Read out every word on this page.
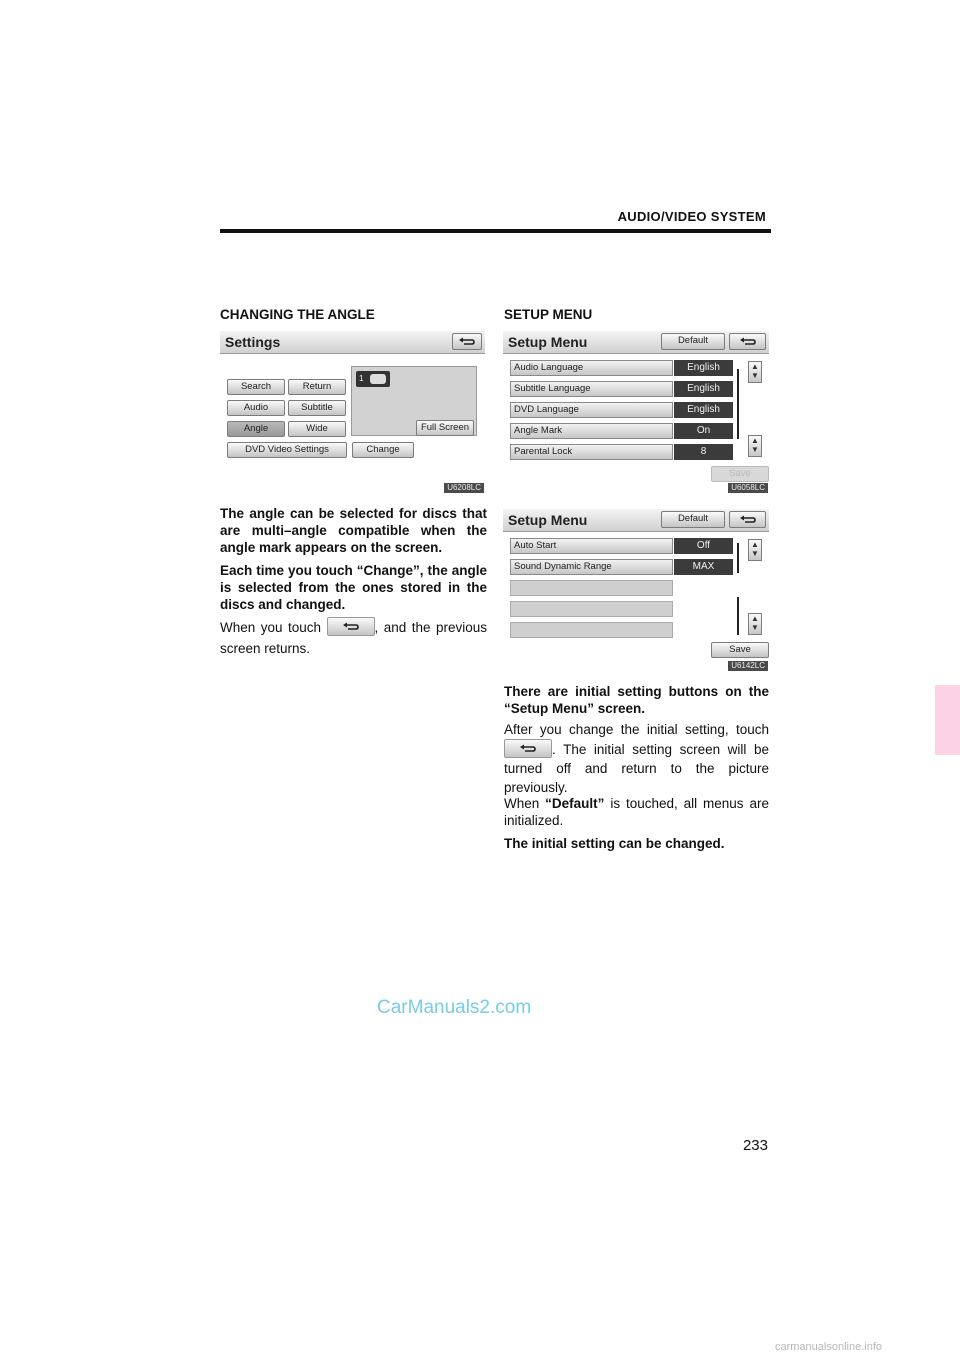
AUDIO/VIDEO SYSTEM
CHANGING THE ANGLE
Settings
Search	Return
Audio	Subtitle
Angle	Wide
DVD Video Settings	Change
1
Full Screen
U6208LC
The angle can be selected for discs that are multi–angle compatible when the angle mark appears on the screen.
Each time you touch “Change”, the angle is selected from the ones stored in the discs and changed.
When you touch	, and the previous screen returns.
SETUP MENU
Setup Menu	Default
Audio Language	English
Subtitle Language	English
DVD Language	English
Angle Mark	On
Parental Lock	8
▲
▼
▲
▼
Save
U6058LC
Setup Menu	Default
Auto Start	Off
Sound Dynamic Range	MAX
▲
▼
▲
▼
Save
U6142LC
There are initial setting buttons on the “Setup Menu” screen.
After you change the initial setting, touch
. The initial setting screen will be turned off and return to the picture previously.
When “Default” is touched, all menus are initialized.
The initial setting can be changed.
CarManuals2.com
233
carmanualsonline.info
